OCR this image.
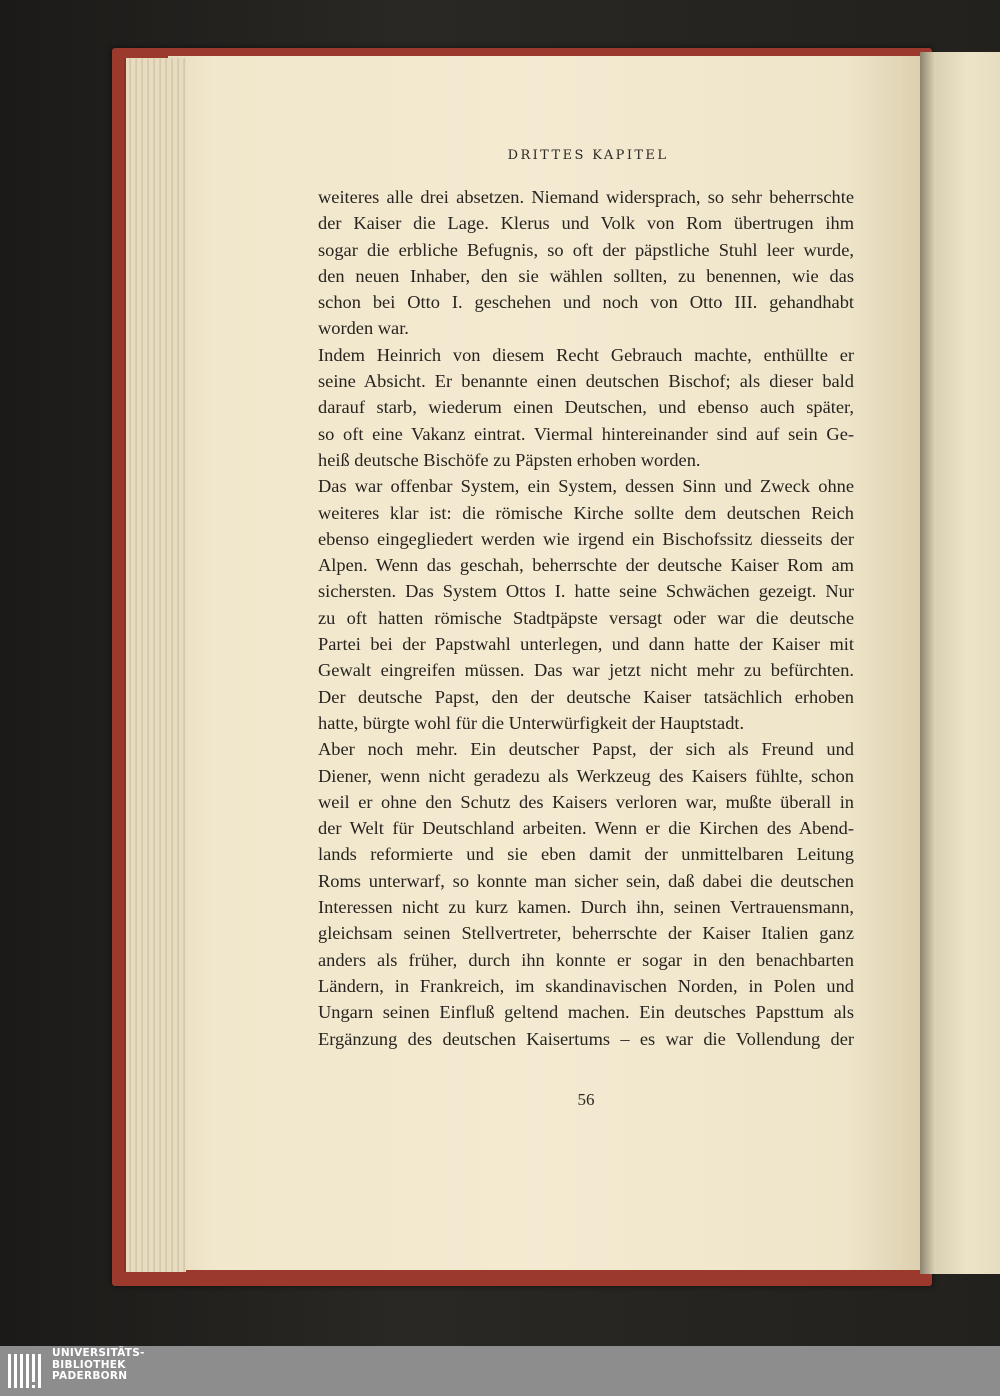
DRITTES KAPITEL

weiteres alle drei absetzen. Niemand widersprach, so sehr beherrschte
der Kaiser die Lage. Klerus und Volk von Rom übertrugen ihm
sogar die erbliche Befugnis, so oft der päpstliche Stuhl leer wurde,
den neuen Inhaber, den sie wählen sollten, zu benennen, wie das
schon bei Otto I. geschehen und noch von Otto III. gehandhabt
worden war.
Indem Heinrich von diesem Recht Gebrauch machte, enthüllte er
seine Absicht. Er benannte einen deutschen Bischof; als dieser bald
darauf starb, wiederum einen Deutschen, und ebenso auch später,
so oft eine Vakanz eintrat. Viermal hintereinander sind auf sein Ge-
heiß deutsche Bischöfe zu Päpsten erhoben worden.
Das war offenbar System, ein System, dessen Sinn und Zweck ohne
weiteres klar ist: die römische Kirche sollte dem deutschen Reich
ebenso eingegliedert werden wie irgend ein Bischofssitz diesseits der
Alpen. Wenn das geschah, beherrschte der deutsche Kaiser Rom am
sichersten. Das System Ottos I. hatte seine Schwächen gezeigt. Nur
zu oft hatten römische Stadtpäpste versagt oder war die deutsche
Partei bei der Papstwahl unterlegen, und dann hatte der Kaiser mit
Gewalt eingreifen müssen. Das war jetzt nicht mehr zu befürchten.
Der deutsche Papst, den der deutsche Kaiser tatsächlich erhoben
hatte, bürgte wohl für die Unterwürfigkeit der Hauptstadt.
Aber noch mehr. Ein deutscher Papst, der sich als Freund und
Diener, wenn nicht geradezu als Werkzeug des Kaisers fühlte, schon
weil er ohne den Schutz des Kaisers verloren war, mußte überall in
der Welt für Deutschland arbeiten. Wenn er die Kirchen des Abend-
lands reformierte und sie eben damit der unmittelbaren Leitung
Roms unterwarf, so konnte man sicher sein, daß dabei die deutschen
Interessen nicht zu kurz kamen. Durch ihn, seinen Vertrauensmann,
gleichsam seinen Stellvertreter, beherrschte der Kaiser Italien ganz
anders als früher, durch ihn konnte er sogar in den benachbarten
Ländern, in Frankreich, im skandinavischen Norden, in Polen und
Ungarn seinen Einfluß geltend machen. Ein deutsches Papsttum als
Ergänzung des deutschen Kaisertums – es war die Vollendung der

56

UNIVERSITÄTS-
BIBLIOTHEK
PADERBORN
